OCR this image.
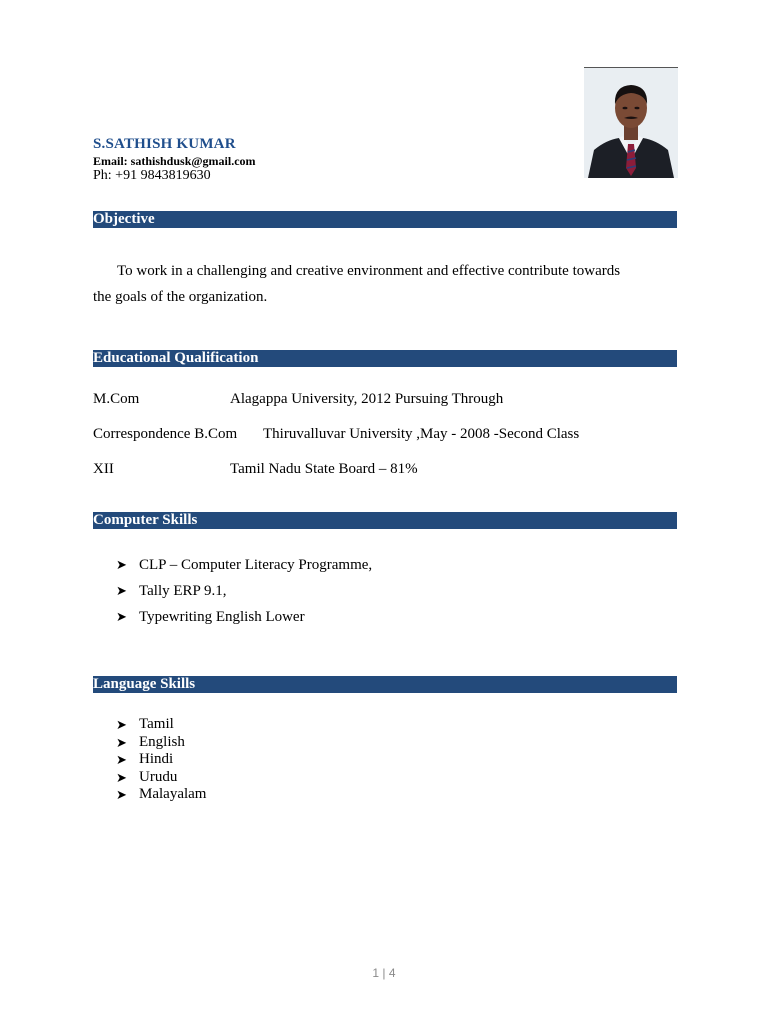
S.SATHISH KUMAR
Email: sathishdusk@gmail.com
Ph: +91 9843819630
Objective
To work in a challenging and creative environment and effective contribute towards
the goals of the organization.
Educational Qualification
M.Com	Alagappa University, 2012 Pursuing Through
Correspondence B.Com Thiruvalluvar University ,May - 2008 -Second Class
XII	Tamil Nadu State Board – 81%
Computer Skills
➤ CLP – Computer Literacy Programme,
➤ Tally ERP 9.1,
➤ Typewriting English Lower
Language Skills
➤ Tamil
➤ English
➤ Hindi
➤ Urudu
➤ Malayalam
1 | 4
